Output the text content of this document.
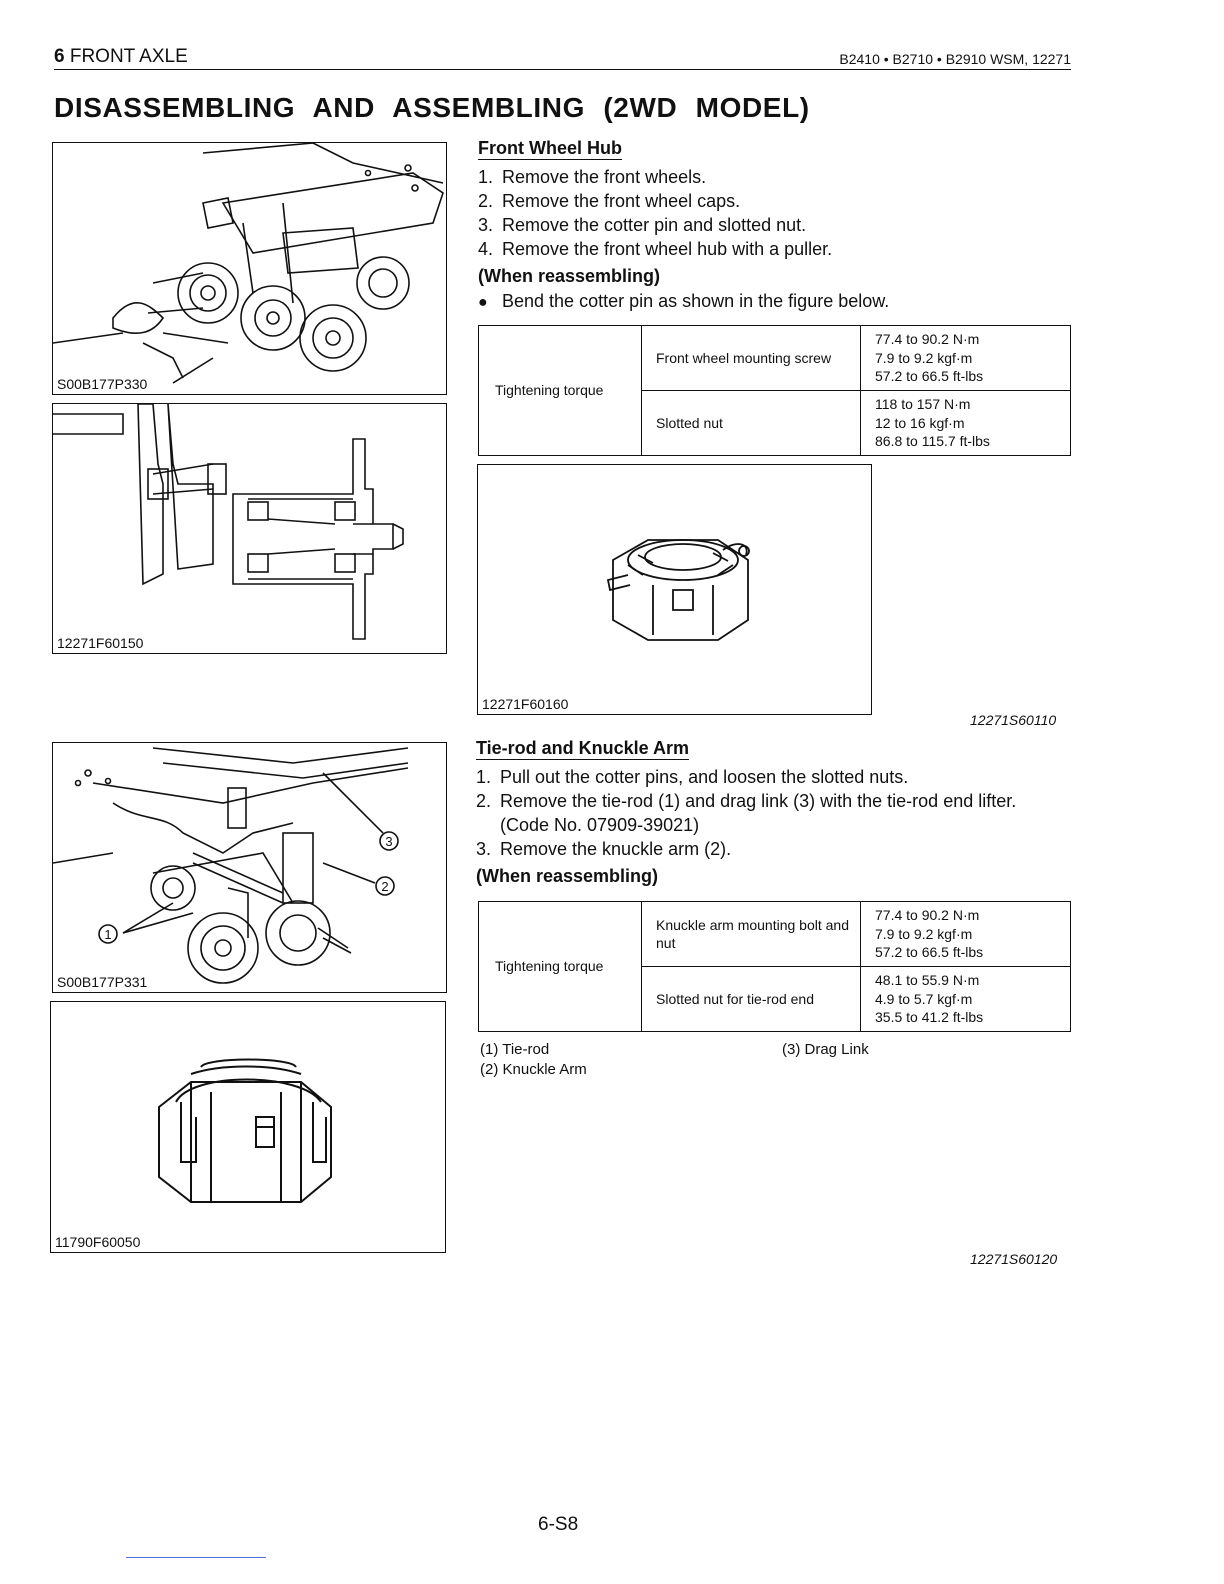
6 FRONT AXLE	B2410 • B2710 • B2910 WSM, 12271
DISASSEMBLING AND ASSEMBLING (2WD MODEL)
S00B177P330
12271F60150
Front Wheel Hub
1. Remove the front wheels.
2. Remove the front wheel caps.
3. Remove the cotter pin and slotted nut.
4. Remove the front wheel hub with a puller.
(When reassembling)
● Bend the cotter pin as shown in the figure below.
Tightening torque	Front wheel mounting screw	77.4 to 90.2 N·m
7.9 to 9.2 kgf·m
57.2 to 66.5 ft-lbs

	Slotted nut	118 to 157 N·m
12 to 16 kgf·m
86.8 to 115.7 ft-lbs
12271F60160
12271S60110
3
2
1
S00B177P331
11790F60050
Tie-rod and Knuckle Arm
1. Pull out the cotter pins, and loosen the slotted nuts.
2. Remove the tie-rod (1) and drag link (3) with the tie-rod end lifter.
(Code No. 07909-39021)
3. Remove the knuckle arm (2).
(When reassembling)
Tightening torque	Knuckle arm mounting bolt and nut	77.4 to 90.2 N·m
7.9 to 9.2 kgf·m
57.2 to 66.5 ft-lbs

	Slotted nut for tie-rod end	48.1 to 55.9 N·m
4.9 to 5.7 kgf·m
35.5 to 41.2 ft-lbs
(1) Tie-rod
(2) Knuckle Arm
(3) Drag Link
12271S60120
6-S8
